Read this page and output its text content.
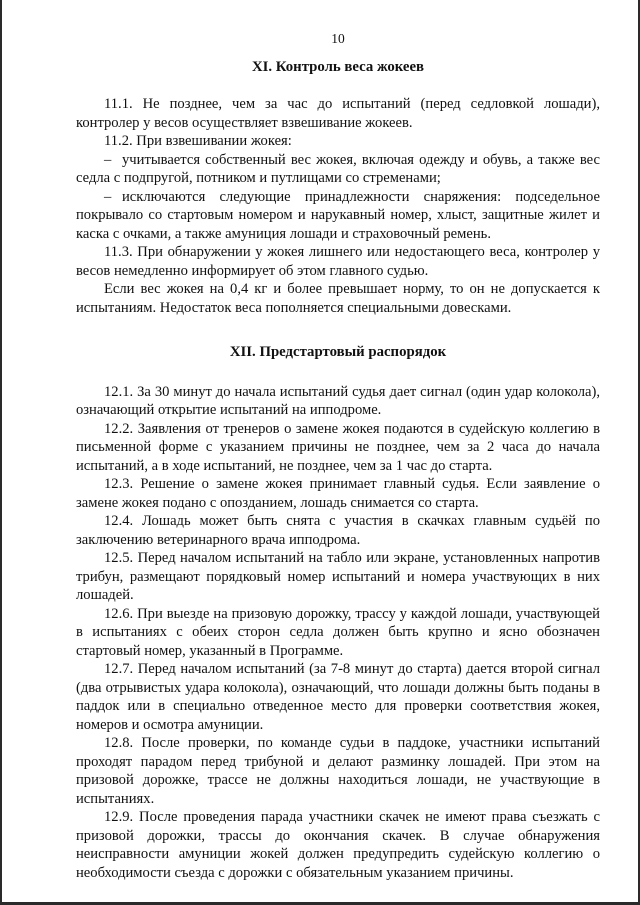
10
XI. Контроль веса жокеев

11.1. Не позднее, чем за час до испытаний (перед седловкой лошади), контролер у весов осуществляет взвешивание жокеев.

11.2. При взвешивании жокея:

– учитывается собственный вес жокея, включая одежду и обувь, а также вес седла с подпругой, потником и путлищами со стременами;

– исключаются следующие принадлежности снаряжения: подседельное покрывало со стартовым номером и нарукавный номер, хлыст, защитные жилет и каска с очками, а также амуниция лошади и страховочный ремень.

11.3. При обнаружении у жокея лишнего или недостающего веса, контролер у весов немедленно информирует об этом главного судью.

Если вес жокея на 0,4 кг и более превышает норму, то он не допускается к испытаниям. Недостаток веса пополняется специальными довесками.

XII. Предстартовый распорядок

12.1. За 30 минут до начала испытаний судья дает сигнал (один удар колокола), означающий открытие испытаний на ипподроме.

12.2. Заявления от тренеров о замене жокея подаются в судейскую коллегию в письменной форме с указанием причины не позднее, чем за 2 часа до начала испытаний, а в ходе испытаний, не позднее, чем за 1 час до старта.

12.3. Решение о замене жокея принимает главный судья. Если заявление о замене жокея подано с опозданием, лошадь снимается со старта.

12.4. Лошадь может быть снята с участия в скачках главным судьёй по заключению ветеринарного врача ипподрома.

12.5. Перед началом испытаний на табло или экране, установленных напротив трибун, размещают порядковый номер испытаний и номера участвующих в них лошадей.

12.6. При выезде на призовую дорожку, трассу у каждой лошади, участвующей в испытаниях с обеих сторон седла должен быть крупно и ясно обозначен стартовый номер, указанный в Программе.

12.7. Перед началом испытаний (за 7-8 минут до старта) дается второй сигнал (два отрывистых удара колокола), означающий, что лошади должны быть поданы в паддок или в специально отведенное место для проверки соответствия жокея, номеров и осмотра амуниции.

12.8. После проверки, по команде судьи в паддоке, участники испытаний проходят парадом перед трибуной и делают разминку лошадей. При этом на призовой дорожке, трассе не должны находиться лошади, не участвующие в испытаниях.

12.9. После проведения парада участники скачек не имеют права съезжать с призовой дорожки, трассы до окончания скачек. В случае обнаружения неисправности амуниции жокей должен предупредить судейскую коллегию о необходимости съезда с дорожки с обязательным указанием причины.
